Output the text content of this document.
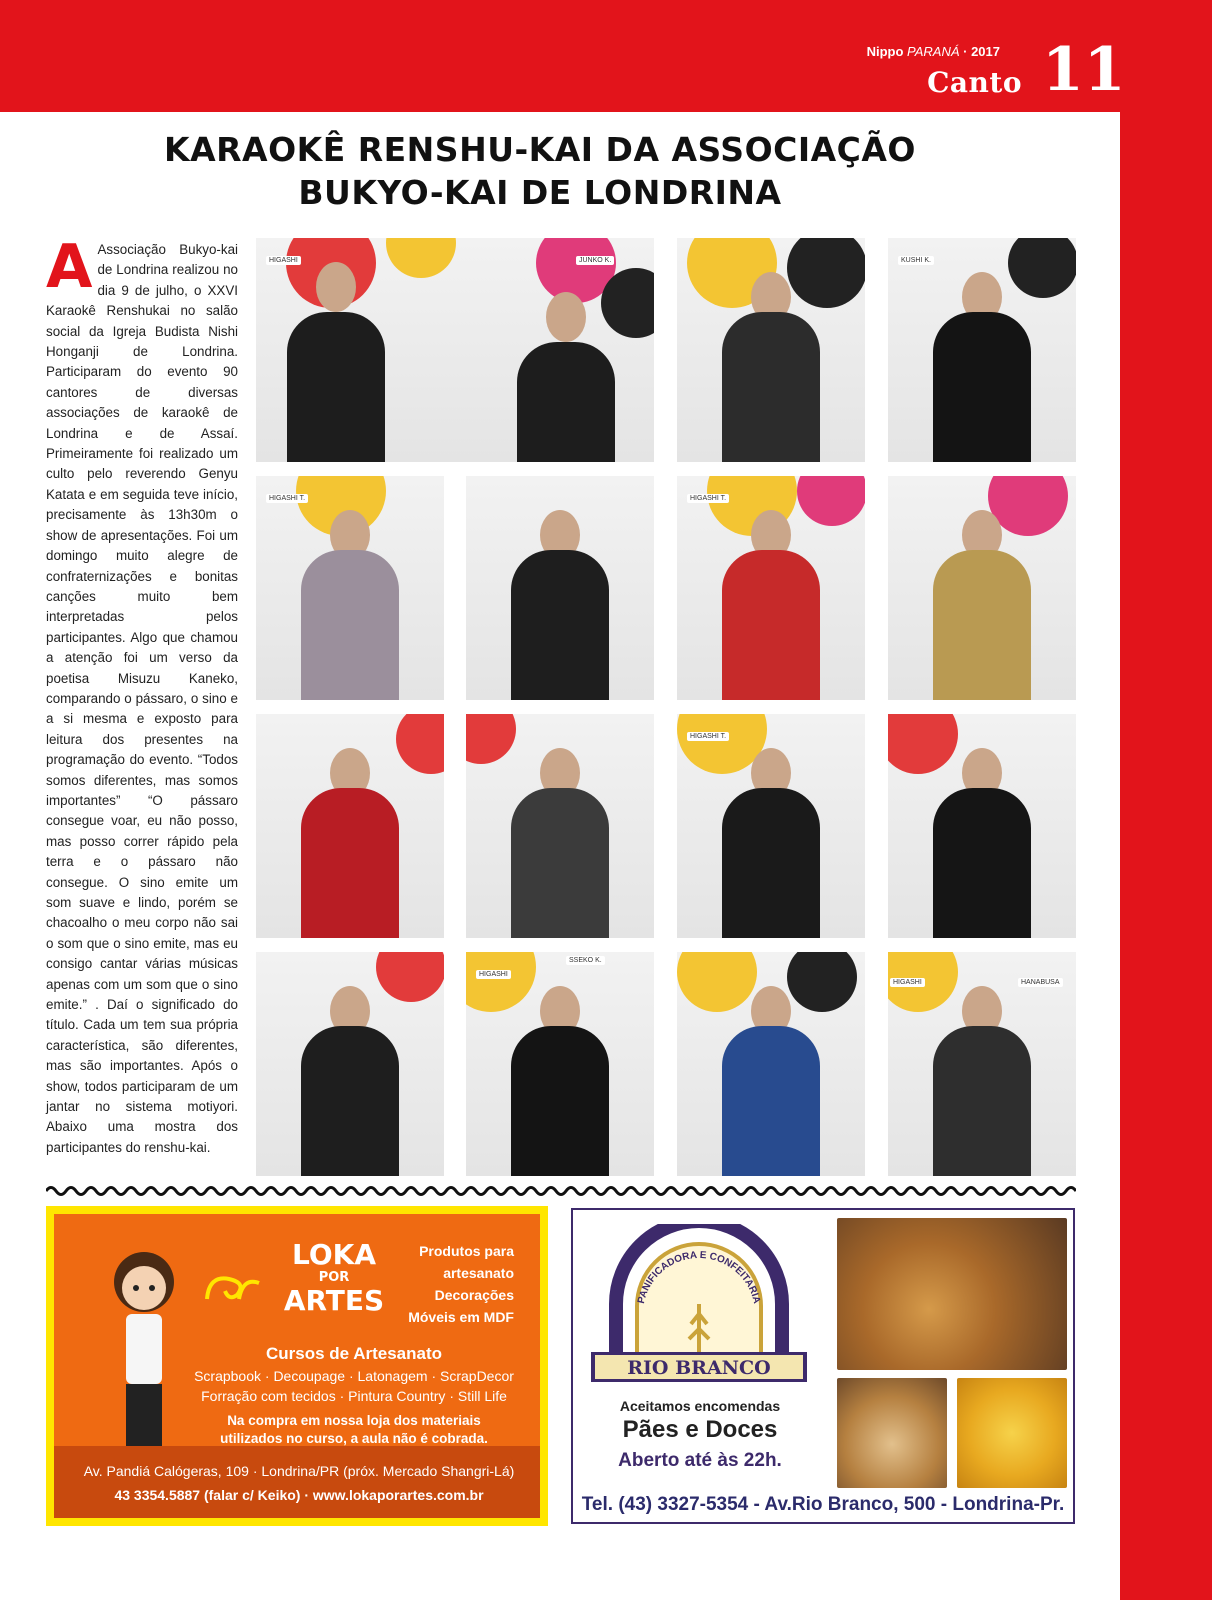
Nippo PARANÁ · 2017
Canto 11
KARAOKÊ RENSHU-KAI DA ASSOCIAÇÃO
BUKYO-KAI DE LONDRINA
A Associação Bukyo-kai de Londrina realizou no dia 9 de julho, o XXVI Karaokê Renshukai no salão social da Igreja Budista Nishi Honganji de Londrina. Participaram do evento 90 cantores de diversas associações de karaokê de Londrina e de Assaí. Primeiramente foi realizado um culto pelo reverendo Genyu Katata e em seguida teve início, precisamente às 13h30m o show de apresentações. Foi um domingo muito alegre de confraternizações e bonitas canções muito bem interpretadas pelos participantes. Algo que chamou a atenção foi um verso da poetisa Misuzu Kaneko, comparando o pássaro, o sino e a si mesma e exposto para leitura dos presentes na programação do evento. “Todos somos diferentes, mas somos importantes” “O pássaro consegue voar, eu não posso, mas posso correr rápido pela terra e o pássaro não consegue. O sino emite um som suave e lindo, porém se chacoalho o meu corpo não sai o som que o sino emite, mas eu consigo cantar várias músicas apenas com um som que o sino emite.” . Daí o significado do título. Cada um tem sua própria característica, são diferentes, mas são importantes. Após o show, todos participaram de um jantar no sistema motiyori. Abaixo uma mostra dos participantes do renshu-kai.
HIGASHI	JUNKO K.	KUSHI K.
HIGASHI T.	HIGASHI T.
HIGASHI T.
HIGASHI
SSEKO K.
HANABUSA
HIGASHI
LOKA
POR
ARTES
Produtos para
artesanato
Decorações
Móveis em MDF
Cursos de Artesanato
Scrapbook · Decoupage · Latonagem · ScrapDecor
Forração com tecidos · Pintura Country · Still Life
Na compra em nossa loja dos materiais
utilizados no curso, a aula não é cobrada.
Av. Pandiá Calógeras, 109 · Londrina/PR (próx. Mercado Shangri-Lá)
43 3354.5887 (falar c/ Keiko) · www.lokaporartes.com.br
PANIFICADORA E CONFEITARIA
RIO BRANCO
Aceitamos encomendas
Pães e Doces
Aberto até às 22h.
Tel. (43) 3327-5354 - Av.Rio Branco, 500 - Londrina-Pr.
